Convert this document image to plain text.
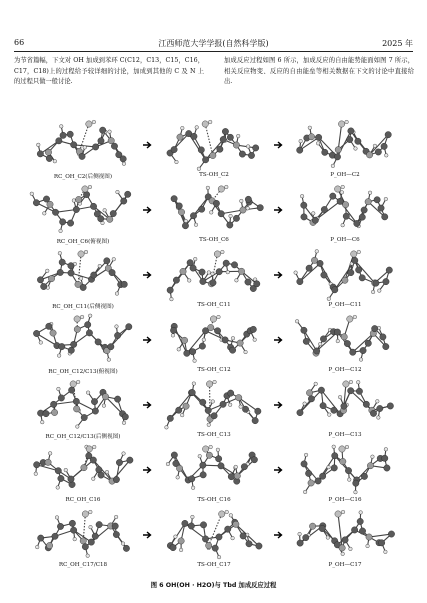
66	江西师范大学学报(自然科学版)	2025 年
为节省篇幅，下文对 OH 加成到苯环 C(C12，C13，C15，C16，C17，C18)上的过程给予较详细的讨论，加成到其他的 C 及 N 上的过程只做一般讨论.
加成反应过程如图 6 所示，加成反应的自由能势能面如图 7 所示，相关反应物变、反应的自由能垒等相关数据在下文的讨论中直接给出.
RC_OH_C2(后侧视图)	TS-OH_C2	P_OH—C2
RC_OH_C6(俯视图)	TS-OH_C6	P_OH—C6
RC_OH_C11(后侧视图)	TS-OH_C11	P_OH—C11
RC_OH_C12/C13(俯视图)	TS-OH_C12	P_OH—C12
RC_OH_C12/C13(后侧视图)	TS-OH_C13	P_OH—C13
RC_OH_C16	TS-OH_C16	P_OH—C16
RC_OH_C17/C18	TS-OH_C17	P_OH—C17
图 6 OH(OH · H2O)与 Tbd 加成反应过程
